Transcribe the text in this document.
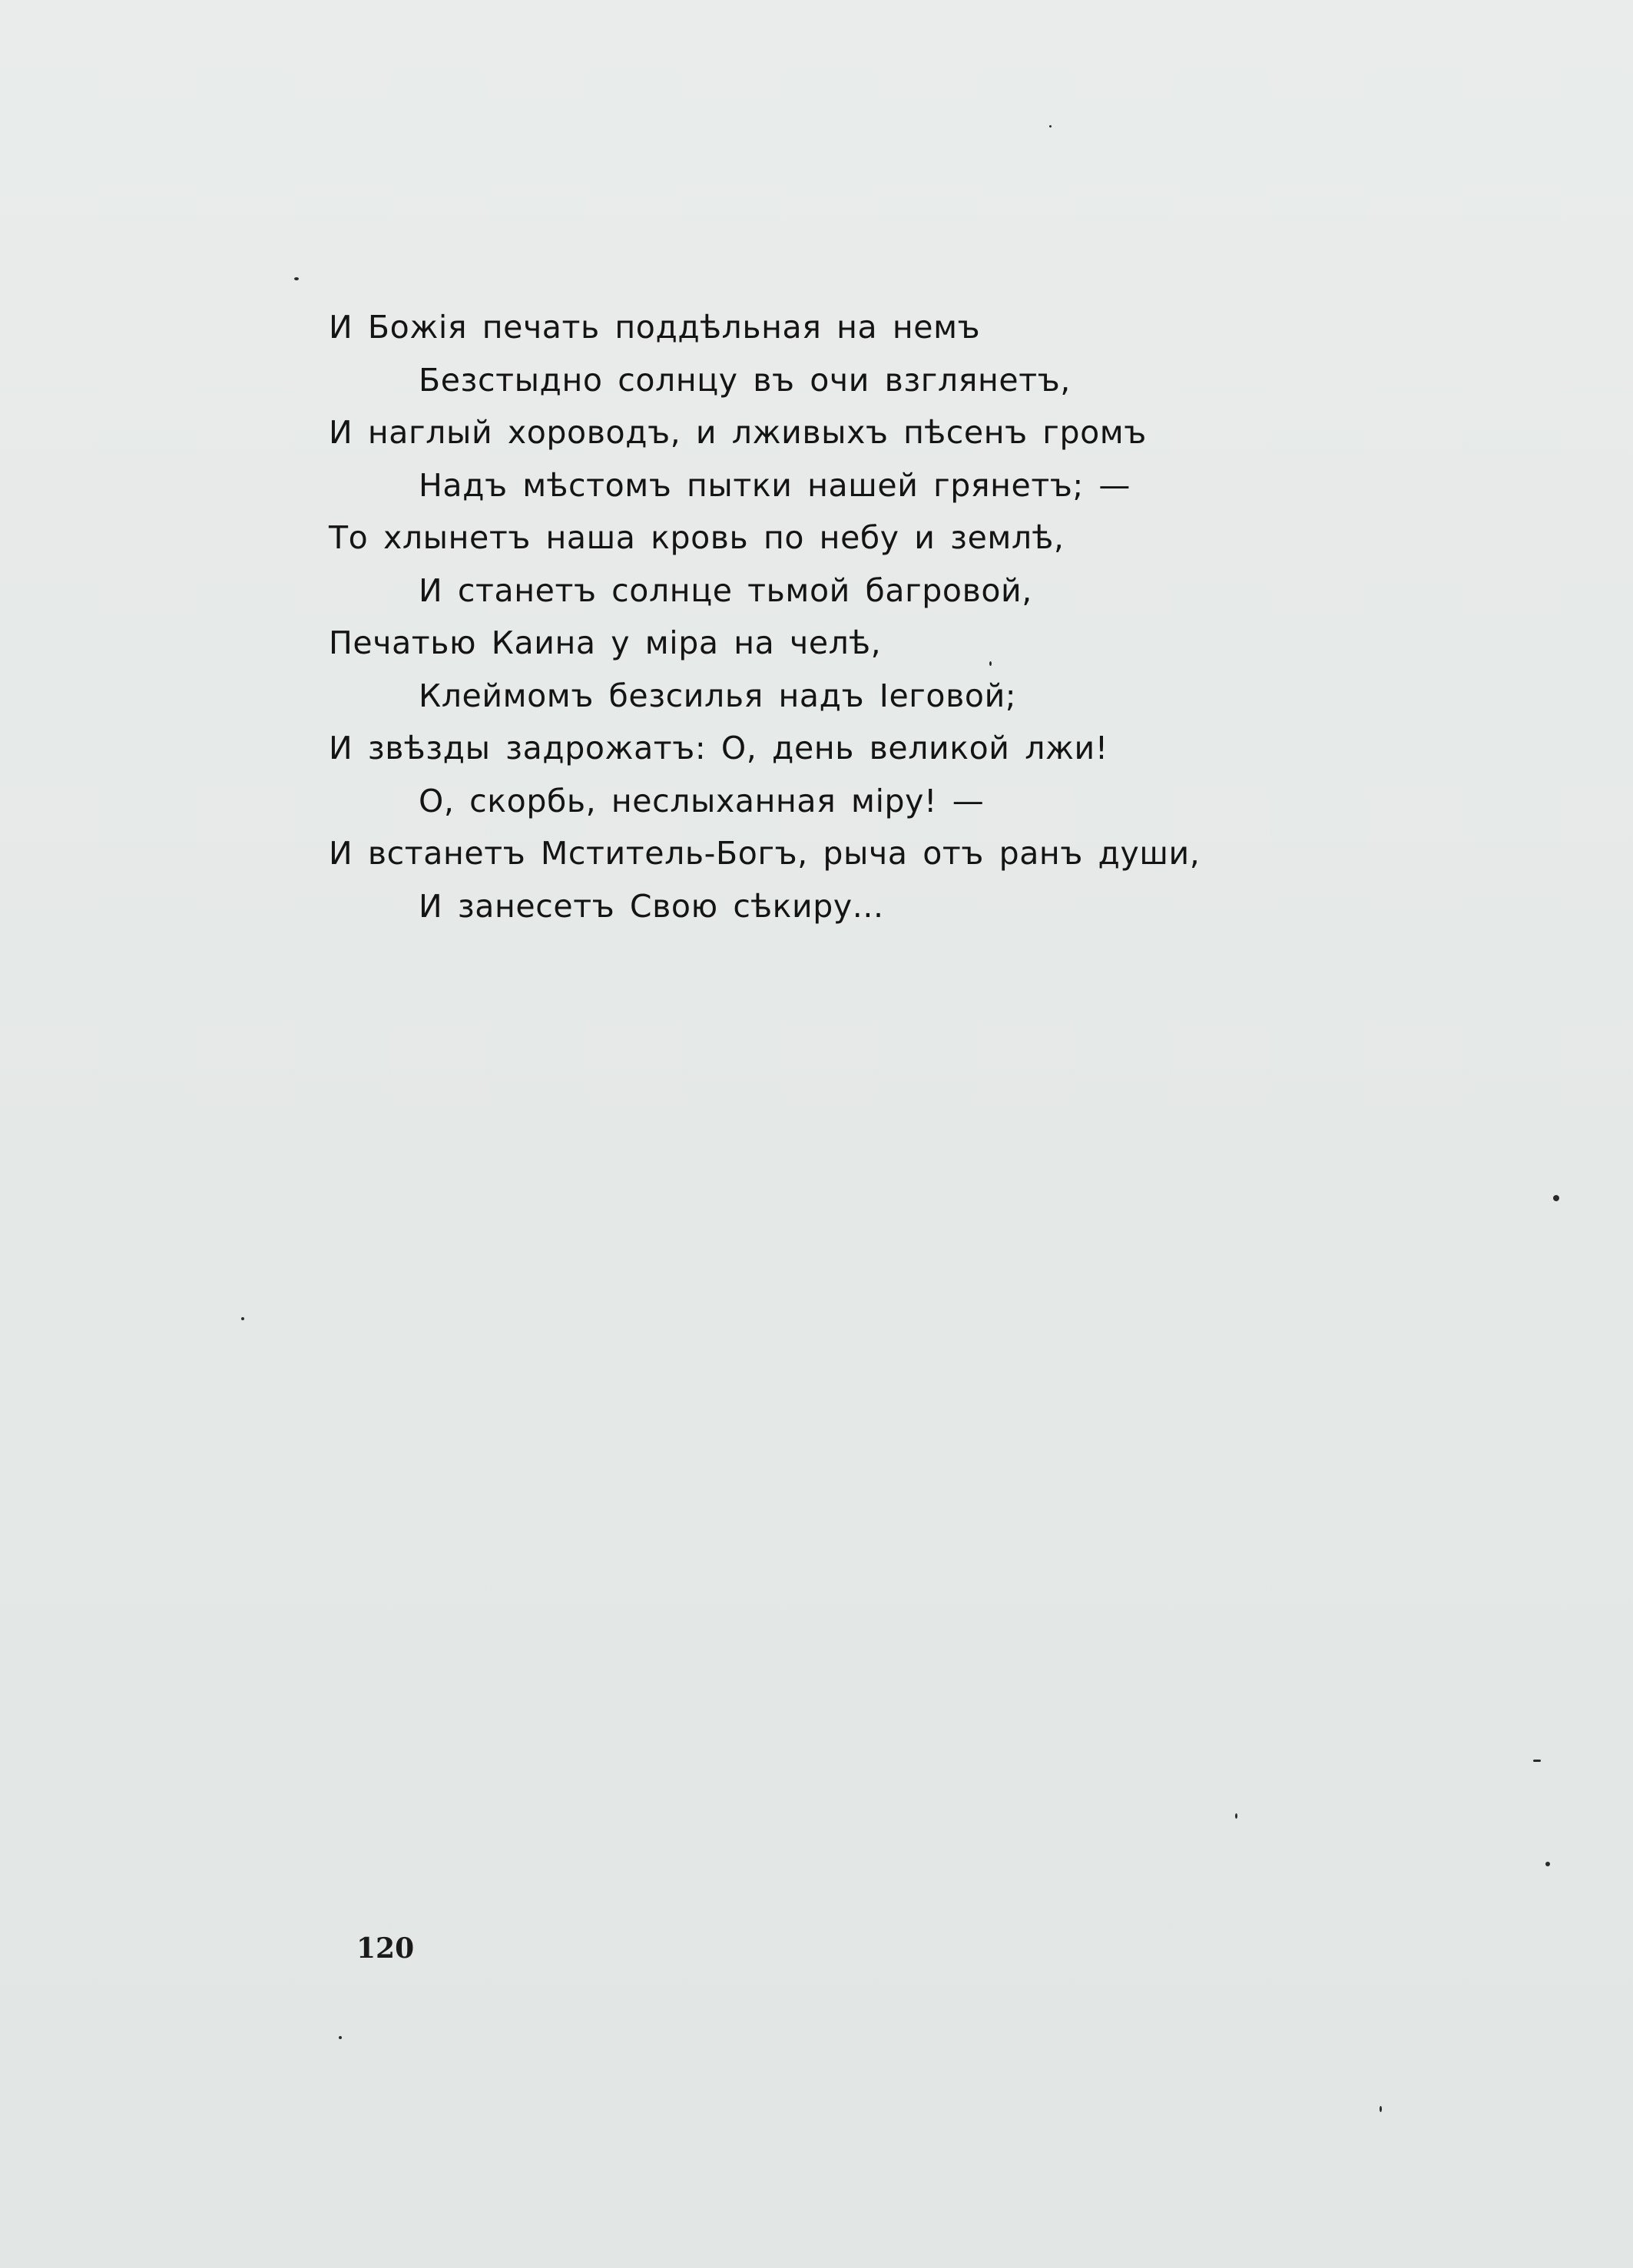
И Божія печать поддѣльная на немъ
Безстыдно солнцу въ очи взглянетъ,
И наглый хороводъ, и лживыхъ пѣсенъ громъ
Надъ мѣстомъ пытки нашей грянетъ; —
То хлынетъ наша кровь по небу и землѣ,
И станетъ солнце тьмой багровой,
Печатью Каина у міра на челѣ,
Клеймомъ безсилья надъ Іеговой;
И звѣзды задрожатъ: О, день великой лжи!
О, скорбь, неслыханная міру! —
И встанетъ Мститель-Богъ, рыча отъ ранъ души,
И занесетъ Свою сѣкиру...
120
